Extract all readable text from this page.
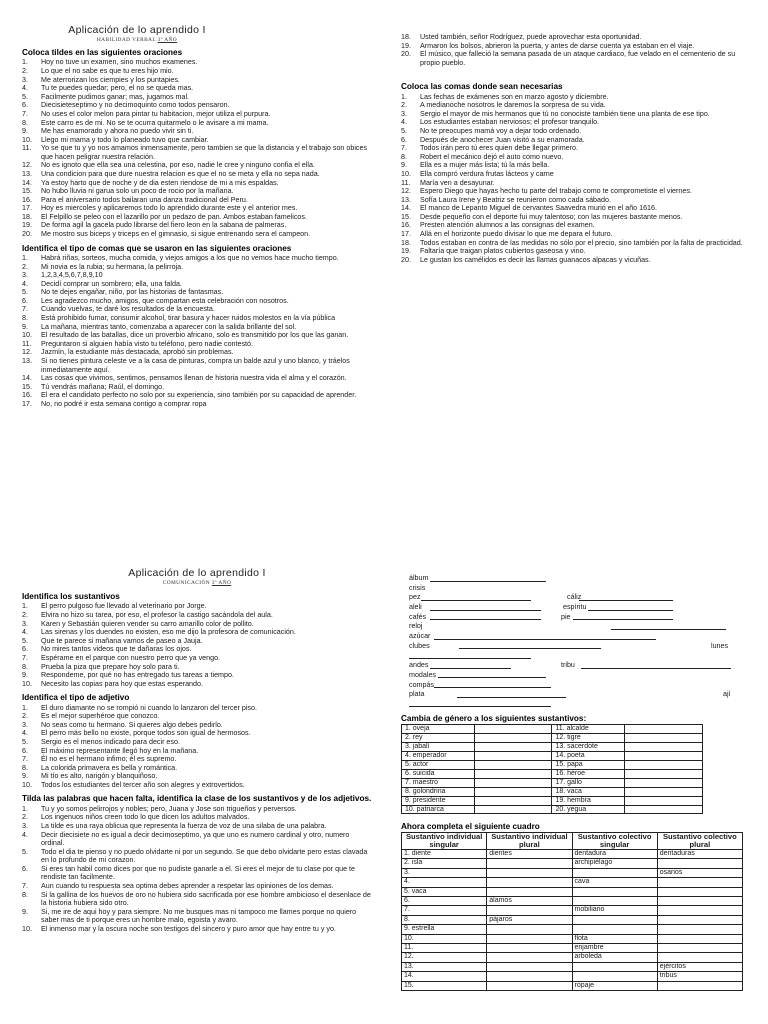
Aplicación de lo aprendido I
HABILIDAD VERBAL 3º AÑO
Coloca tildes en las siguientes oraciones
1. Hoy no tuve un examen, sino muchos examenes.
2. Lo que el no sabe es que tu eres hijo mio.
3. Me aterrorizan los ciempies y los puntapies.
4. Tu te puedes quedar; pero, el no se queda mas.
5. Facilmente pudimos ganar; mas, jugamos mal.
6. Diecisieteseptimo y no decimoquinto como todos pensaron.
7. No uses el color melon para pintar tu habitacion, mejor utiliza el purpura.
8. Este carro es de mi. No se te ocurra quitarmelo o le avisare a mi mama.
9. Me has enamorado y ahora no puedo vivir sin ti.
10. Llego mi mama y todo lo planeado tuvo que cambiar.
11. Yo se que tu y yo nos amamos inmensamente, pero tambien se que la distancia y el trabajo son obices que hacen peligrar nuestra relación.
12. No es ignoto que ella sea una celestina, por eso, nadie le cree y ninguno confia el ella.
13. Una condicion para que dure nuestra relacion es que el no se meta y ella no sepa nada.
14. Ya estoy harto que de noche y de dia esten riendose de mi a mis espaldas.
15. No hubo lluvia ni garua solo un poco de rocio por la mañana.
16. Para el aniversario todos bailaran una danza tradicional del Peru.
17. Hoy es miercoles y aplicaremos todo lo aprendido durante este y el anterior mes.
18. El Felpillo se peleo con el lazarillo por un pedazo de pan. Ambos estaban famelicos.
19. De forma agil la gacela pudo librarse del fiero leon en la sabana de palmeras.
20. Me mostro sus biceps y triceps en el gimnasio, si sigue entrenando sera el campeon.
Identifica el tipo de comas que se usaron en las siguientes oraciones
1. Habrá riñas, sorteos, mucha comida, y viejos amigos a los que no vemos hace mucho tiempo.
2. Mi novia es la rubia; su hermana, la pelirroja.
3. 1,2,3,4,5,6,7,8,9,10
4. Decidí comprar un sombrero; ella, una falda.
5. No te dejes engañar, niño, por las historias de fantasmas.
6. Les agradezco mucho, amigos, que compartan esta celebración con nosotros.
7. Cuando vuelvas, te daré los resultados de la encuesta.
8. Está prohibido fumar, consumir alcohol, tirar basura y hacer ruidos molestos en la vía pública
9. La mañana, mientras tanto, comenzaba a aparecer con la salida brillante del sol.
10. El resultado de las batallas, dice un proverbio africano, solo es transmitido por los que las ganan.
11. Preguntaron si alguien había visto tu teléfono, pero nadie contestó.
12. Jazmín, la estudiante más destacada, aprobó sin problemas.
13. Si no tienes pintura celeste ve a la casa de pinturas, compra un balde azul y uno blanco, y tráelos inmediatamente aquí.
14. Las cosas que vivimos, sentimos, pensamos llenan de historia nuestra vida el alma y el corazón.
15. Tú vendrás mañana; Raúl, el domingo.
16. El era el candidato perfecto no solo por su experiencia, sino también por su capacidad de aprender.
17. No, no podré ir esta semana contigo a comprar ropa
18. Usted también, señor Rodríguez, puede aprovechar esta oportunidad.
19. Armaron los bolsos, abrieron la puerta, y antes de darse cuenta ya estaban en el viaje.
20. El músico, que falleció la semana pasada de un ataque cardiaco, fue velado en el cementerio de su propio pueblo.
Coloca las comas donde sean necesarias
1. Las fechas de exámenes son en marzo agosto y diciembre.
2. A medianoche nosotros le daremos la sorpresa de su vida.
3. Sergio el mayor de mis hermanos que tú no conociste también tiene una planta de ese tipo.
4. Los estudiantes estaban nerviosos; el profesor tranquilo.
5. No te preocupes mamá voy a dejar todo ordenado.
6. Después de anochecer Juan visitó a su enamorada.
7. Todos irán pero tú eres quien debe llegar primero.
8. Robert el mecánico dejó el auto como nuevo.
9. Ella es a mujer más lista; tú la más bella.
10. Ella compró verdura frutas lácteos y carne
11. María ven a desayunar.
12. Espero Diego que hayas hecho tu parte del trabajo como te comprometiste el viernes.
13. Sofía Laura Irene y Beatriz se reunieron como cada sábado.
14. El manco de Lepanto Miguel de cervantes Saavedra murió en el año 1616.
15. Desde pequeño con el deporte fui muy talentoso; con las mujeres bastante menos.
16. Presten atención alumnos a las consignas del examen.
17. Allá en el horizonte puedo divisar lo que me depara el futuro.
18. Todos estaban en contra de las medidas no sólo por el precio, sino también por la falta de practicidad.
19. Faltaría que traigan platos cubiertos gaseosa y vino.
20. Le gustan los camélidos es decir las llamas guanacos alpacas y vicuñas.
Aplicación de lo aprendido I
COMUNICACIÓN 3º AÑO
Identifica los sustantivos
1. El perro pulgoso fue llevado al veterinario por Jorge.
2. Elvira no hizo su tarea, por eso, el profesor la castigo sacándola del aula.
3. Karen y Sebastián quieren vender su carro amarillo color de pollito.
4. Las sirenas y los duendes no existen, eso me dijo la profesora de comunicación.
5. Que te parece si mañana vamos de paseo a Jauja.
6. No mires tantos videos que te dañaras los ojos.
7. Espérame en el parque con nuestro perro que ya vengo.
8. Prueba la piza que prepare hoy solo para ti.
9. Respondeme, por qué no has entregado tus tareas a tiempo.
10. Necesito las copias para hoy que estas esperando.
Identifica el tipo de adjetivo
1. El duro diamante no se rompió ni cuando lo lanzaron del tercer piso.
2. Es el mejor superhéroe que conozco.
3. No seas como tu hermano. Si quieres algo debes pedirlo.
4. El perro más bello no existe, porque todos son igual de hermosos.
5. Sergio es el menos indicado para decir eso.
6. El máximo representante llegó hoy en la mañana.
7. Él no es el hermano infimo; él es supremo.
8. La colorida primavera es bella y romántica.
9. Mi tío es alto, narigón y blanquiñoso.
10. Todos los estudiantes del tercer año son alegres y extrovertidos.
Tilda las palabras que hacen falta, identifica la clase de los sustantivos y de los adjetivos.
1. Tu y yo somos pelirrojos y nobles; pero, Juana y Jose son trigueños y perversos.
2. Los ingenuos niños creen todo lo que dicen los adultos malvados.
3. La tilde es una raya oblicua que representa la fuerza de voz de una silaba de una palabra.
4. Decir diecisiete no es igual a decir decimoseptimo, ya que uno es numero cardinal y otro, numero ordinal.
5. Todo el dia te pienso y no puedo olvidarte ni por un segundo. Se que debo olvidarte pero estas clavada en lo profundo de mi corazon.
6. Si eres tan habil como dices por que no pudiste ganarle a el. Si eres el mejor de tu clase por que te rendiste tan facilmente.
7. Aun cuando tu respuesta sea optima debes aprender a respetar las opiniones de los demas.
8. Si la gallina de los huevos de oro no hubiera sido sacrificada por ese hombre ambicioso el desenlace de la historia hubiera sido otro.
9. Si, me ire de aqui hoy y para siempre. No me busques mas ni tampoco me llames porque no quiero saber mas de ti porque eres un hombre malo, egoista y avaro.
10. El inmenso mar y la oscura noche son testigos del sincero y puro amor que hay entre tu y yo.
álbum
crisis
pez	cáliz
aleli	espíritu
cafés	pie
reloj
azúcar
clubes	lunes
andes	tribu
modales
compás
plata	ají
Cambia de género a los siguientes sustantivos:
1. oveja		11. alcalde	
2. rey		12. tigre	
3. jabalí		13. sacerdote	
4. emperador		14. poeta	
5. actor		15. papa	
6. suicida		16. héroe	
7. maestro		17. gallo	
8. golondrina		18. vaca	
9. presidente		19. hembra	
10. patriarca		20. yegua	
Ahora completa el siguiente cuadro
Sustantivo individual singular	Sustantivo individual plural	Sustantivo colectivo singular	Sustantivo colectivo plural
1. diente	dientes	dentadura	dentaduras
2. isla		archipiélago	
3.			osarios
4.		cava	
5. vaca			
6.	álamos		
7.		mobiliario	
8.	pájaros		
9. estrella			
10.		flota	
11.		enjambre	
12.		arboleda	
13.			ejércitos
14.			tribus
15.		ropaje	
